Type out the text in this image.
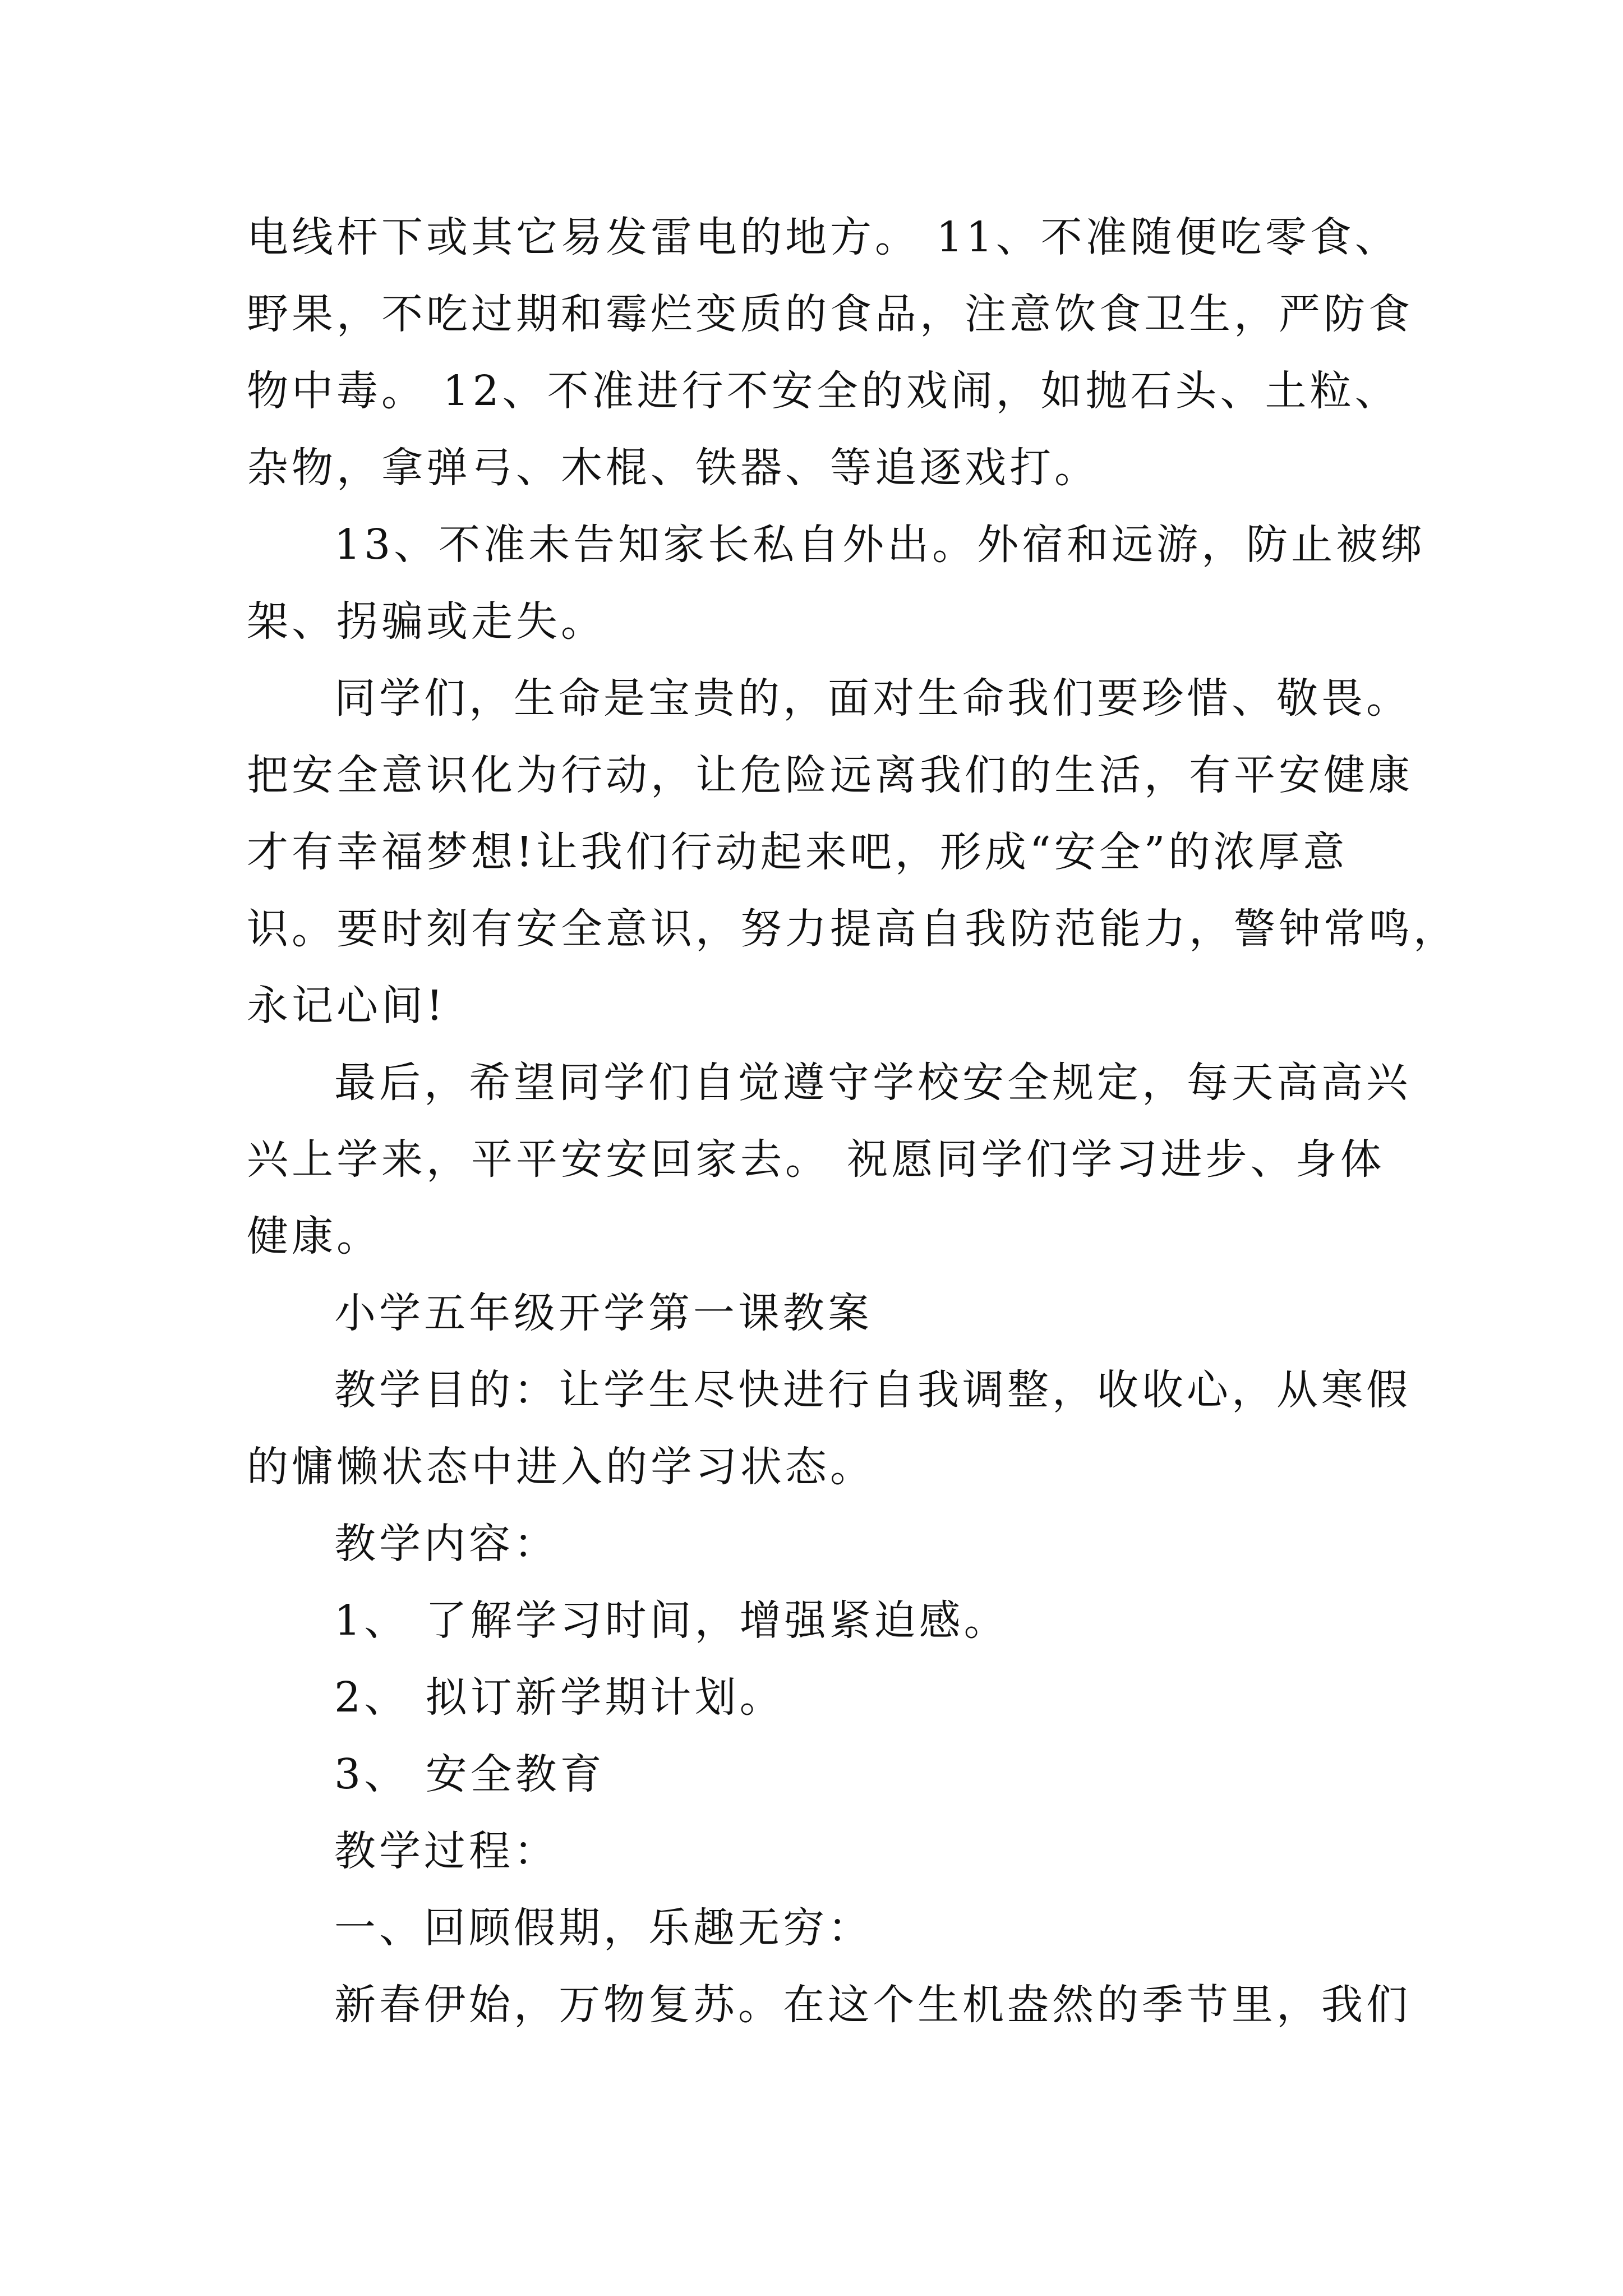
电线杆下或其它易发雷电的地方。 11、不准随便吃零食、
野果，不吃过期和霉烂变质的食品，注意饮食卫生，严防食
物中毒。 12、不准进行不安全的戏闹，如抛石头、土粒、
杂物，拿弹弓、木棍、铁器、等追逐戏打。
13、不准未告知家长私自外出。外宿和远游，防止被绑
架、拐骗或走失。
同学们，生命是宝贵的，面对生命我们要珍惜、敬畏。
把安全意识化为行动，让危险远离我们的生活，有平安健康
才有幸福梦想!让我们行动起来吧，形成“安全”的浓厚意
识。要时刻有安全意识，努力提高自我防范能力，警钟常鸣，
永记心间!
最后，希望同学们自觉遵守学校安全规定，每天高高兴
兴上学来，平平安安回家去。 祝愿同学们学习进步、身体
健康。
小学五年级开学第一课教案
教学目的：让学生尽快进行自我调整，收收心，从寒假
的慵懒状态中进入的学习状态。
教学内容：
1、 了解学习时间，增强紧迫感。
2、 拟订新学期计划。
3、 安全教育
教学过程：
一、回顾假期，乐趣无穷：
新春伊始，万物复苏。在这个生机盎然的季节里，我们
